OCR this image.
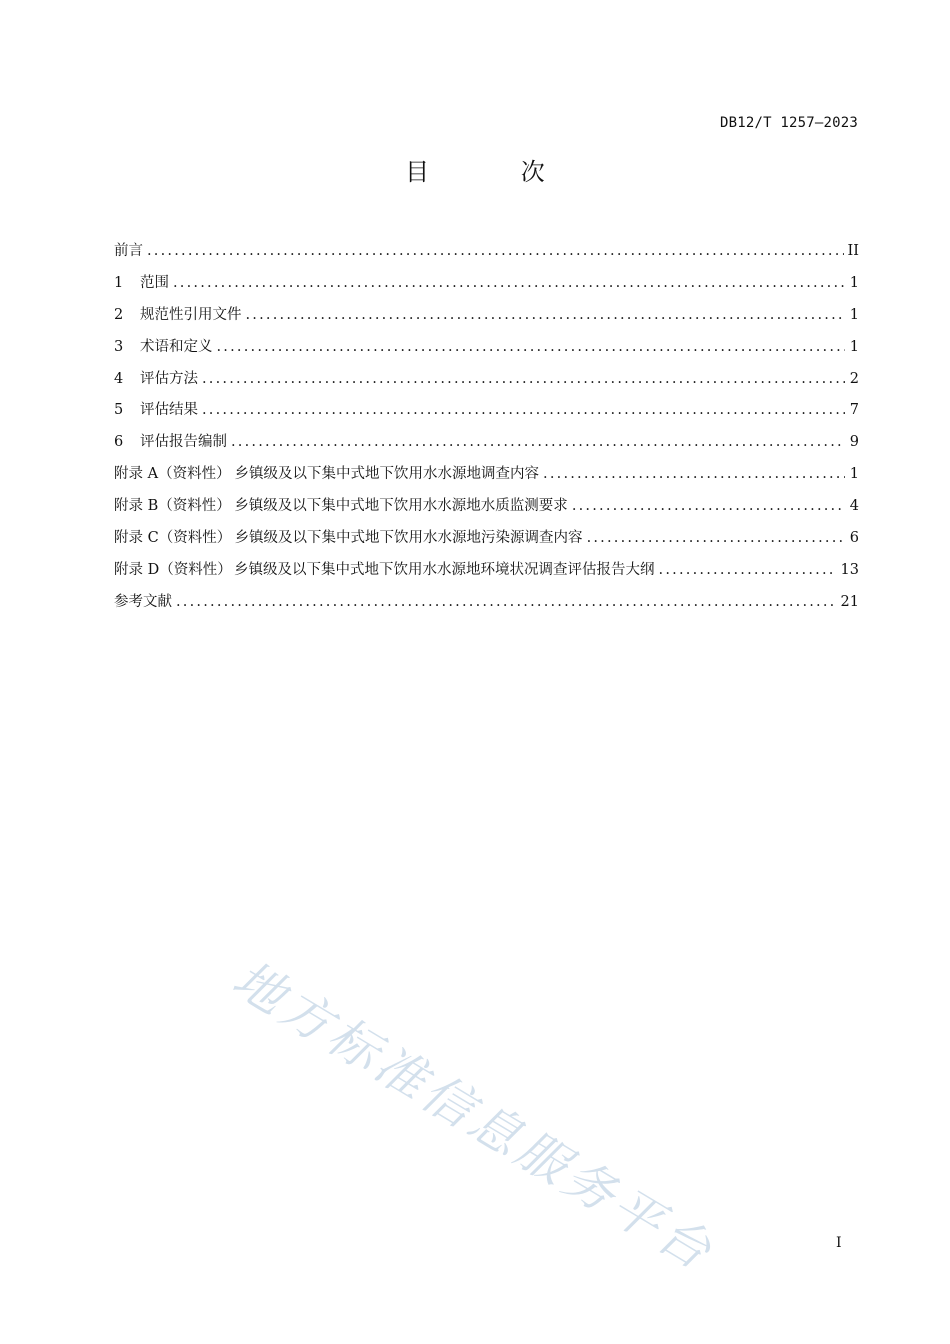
DB12/T 1257—2023
目 次
前言 .....	II
1	范围 .....	1
2	规范性引用文件 .....	1
3	术语和定义 .....	1
4	评估方法 .....	2
5	评估结果 .....	7
6	评估报告编制 .....	9
附录 A（资料性） 乡镇级及以下集中式地下饮用水水源地调查内容 .....	1
附录 B（资料性） 乡镇级及以下集中式地下饮用水水源地水质监测要求 .....	4
附录 C（资料性） 乡镇级及以下集中式地下饮用水水源地污染源调查内容 .....	6
附录 D（资料性） 乡镇级及以下集中式地下饮用水水源地环境状况调查评估报告大纲 .....	13
参考文献 .....	21
地方标准信息服务平台	I
